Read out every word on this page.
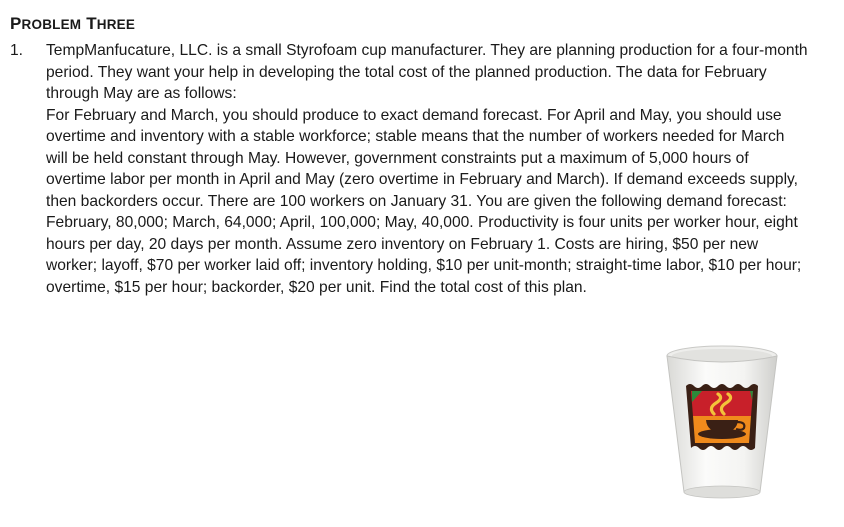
PROBLEM THREE
1.	TempManfucature, LLC. is a small Styrofoam cup manufacturer. They are planning production for a four-month period. They want your help in developing the total cost of the planned production. The data for February through May are as follows:
For February and March, you should produce to exact demand forecast. For April and May, you should use overtime and inventory with a stable workforce; stable means that the number of workers needed for March will be held constant through May. However, government constraints put a maximum of 5,000 hours of overtime labor per month in April and May (zero overtime in February and March). If demand exceeds supply, then backorders occur. There are 100 workers on January 31. You are given the following demand forecast: February, 80,000; March, 64,000; April, 100,000; May, 40,000. Productivity is four units per worker hour, eight hours per day, 20 days per month. Assume zero inventory on February 1. Costs are hiring, $50 per new worker; layoff, $70 per worker laid off; inventory holding, $10 per unit-month; straight-time labor, $10 per hour; overtime, $15 per hour; backorder, $20 per unit. Find the total cost of this plan.
